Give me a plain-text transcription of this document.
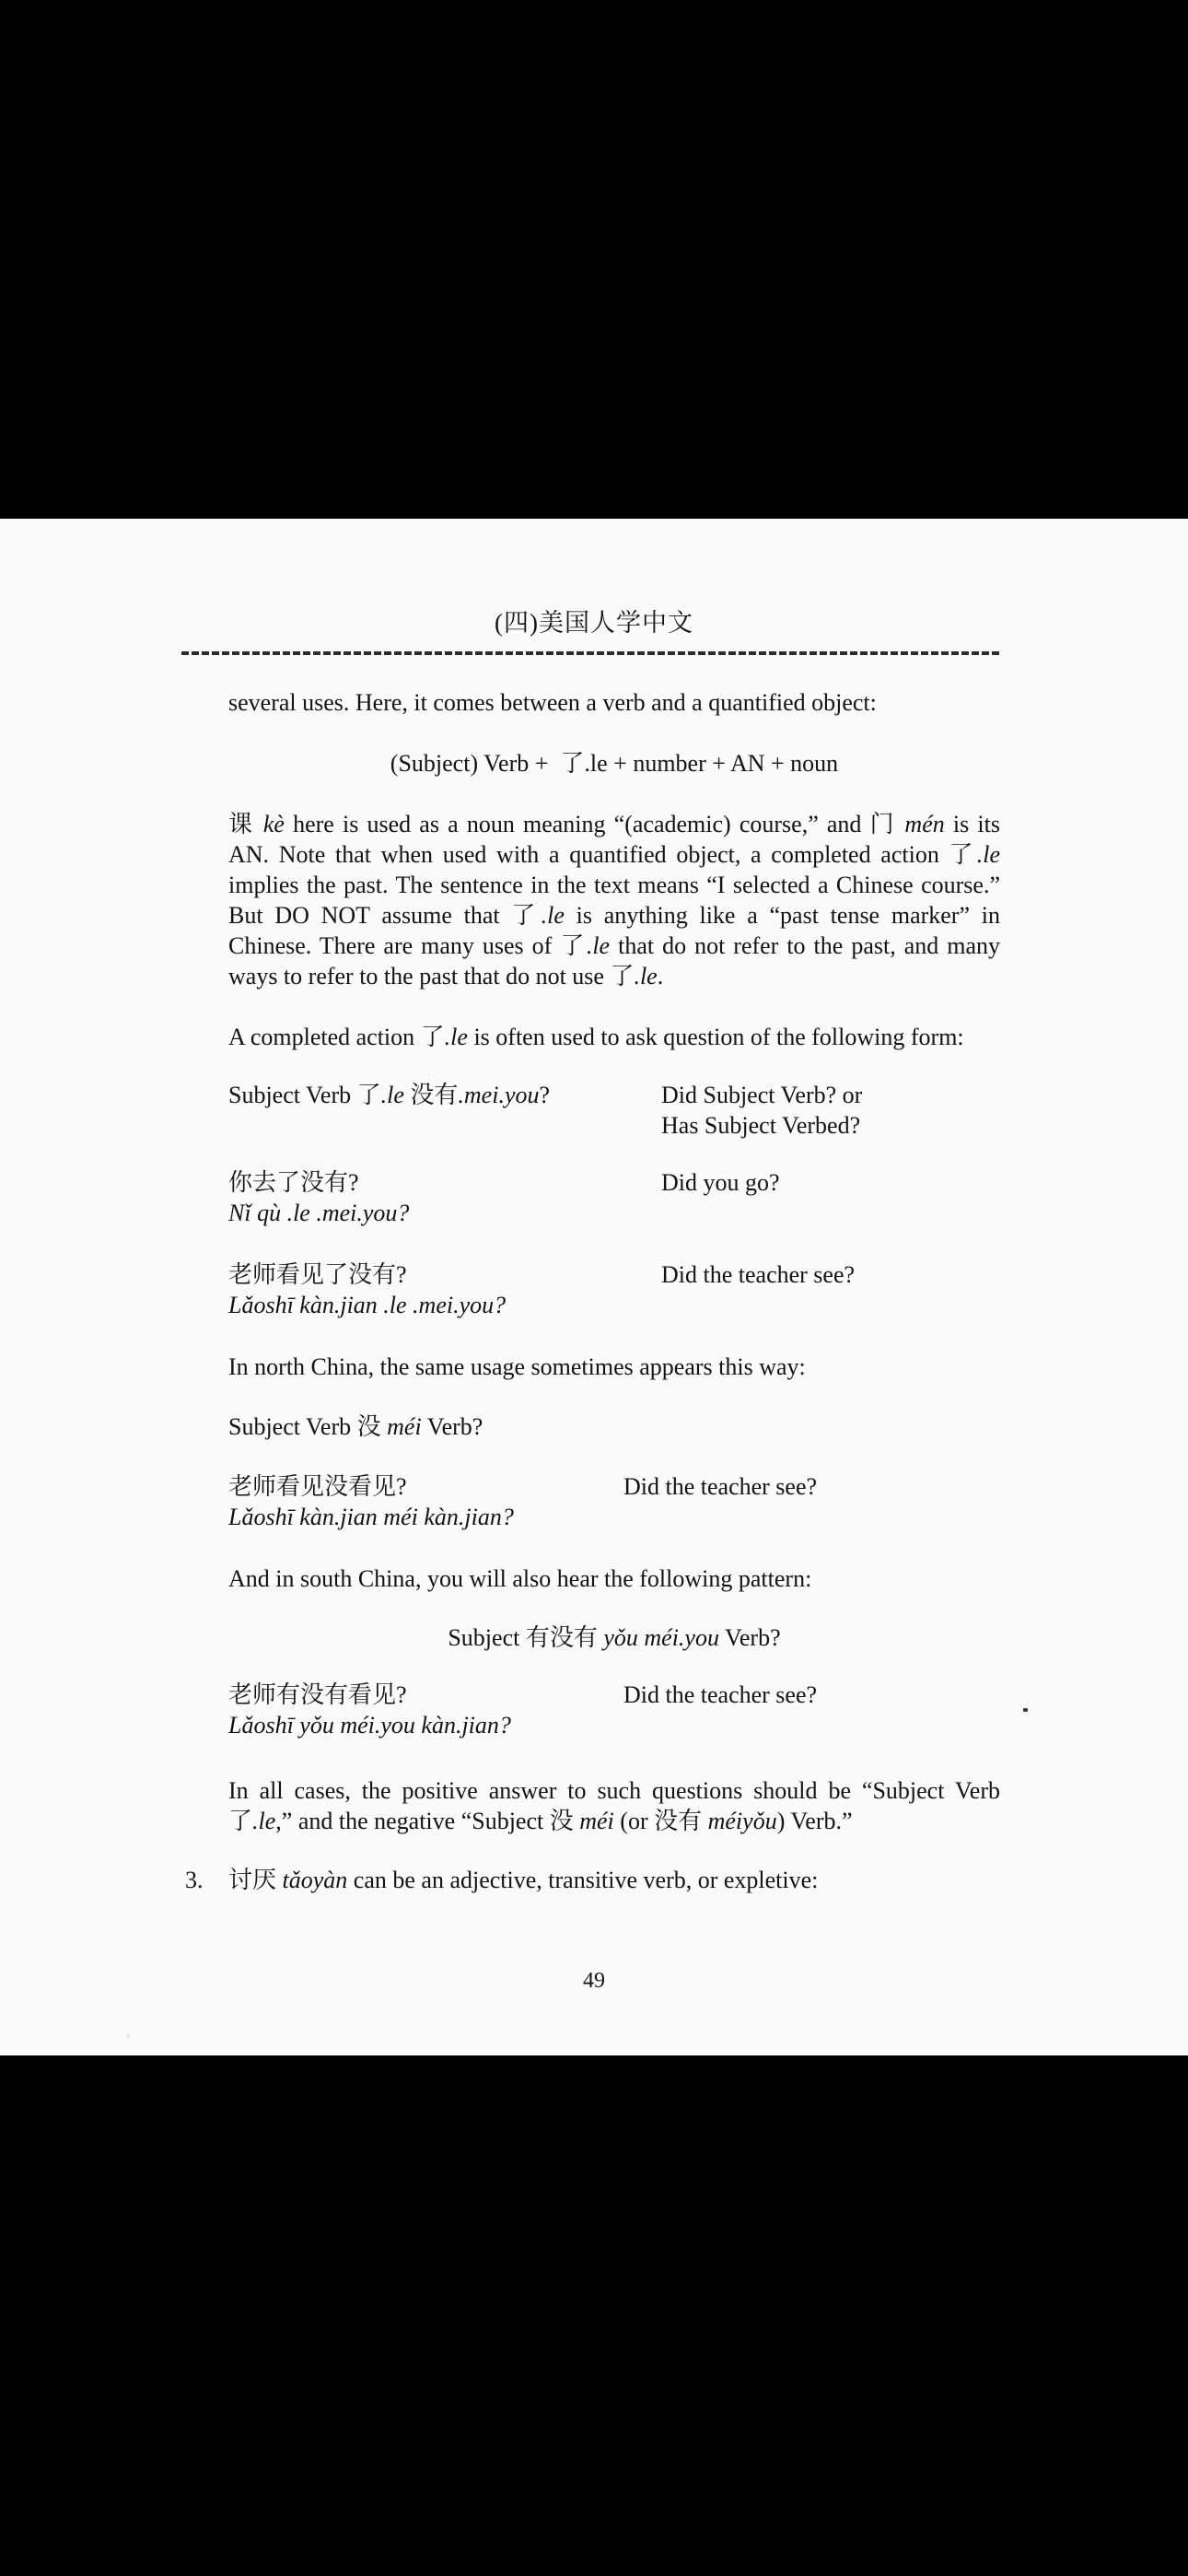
(四)美国人学中文

several uses. Here, it comes between a verb and a quantified object:

(Subject) Verb +  了.le + number + AN + noun

课 kè here is used as a noun meaning “(academic) course,” and 门 mén is its AN. Note that when used with a quantified object, a completed action 了.le implies the past. The sentence in the text means “I selected a Chinese course.” But DO NOT assume that 了.le is anything like a “past tense marker” in Chinese. There are many uses of 了.le that do not refer to the past, and many ways to refer to the past that do not use 了.le.

A completed action 了.le is often used to ask question of the following form:

Subject Verb 了.le 没有.mei.you?	Did Subject Verb? or
Has Subject Verbed?
你去了没有?
Nǐ qù .le .mei.you?
Did you go?
老师看见了没有?
Lǎoshī kàn.jian .le .mei.you?
Did the teacher see?

In north China, the same usage sometimes appears this way:

Subject Verb 没 méi Verb?

老师看见没看见?
Lǎoshī kàn.jian méi kàn.jian?
Did the teacher see?

And in south China, you will also hear the following pattern:

Subject 有没有 yǒu méi.you Verb?

老师有没有看见?
Lǎoshī yǒu méi.you kàn.jian?
Did the teacher see?

In all cases, the positive answer to such questions should be “Subject Verb 了.le,” and the negative “Subject 没 méi (or 没有 méiyǒu) Verb.”

3.	讨厌 tǎoyàn can be an adjective, transitive verb, or expletive:
49
×
